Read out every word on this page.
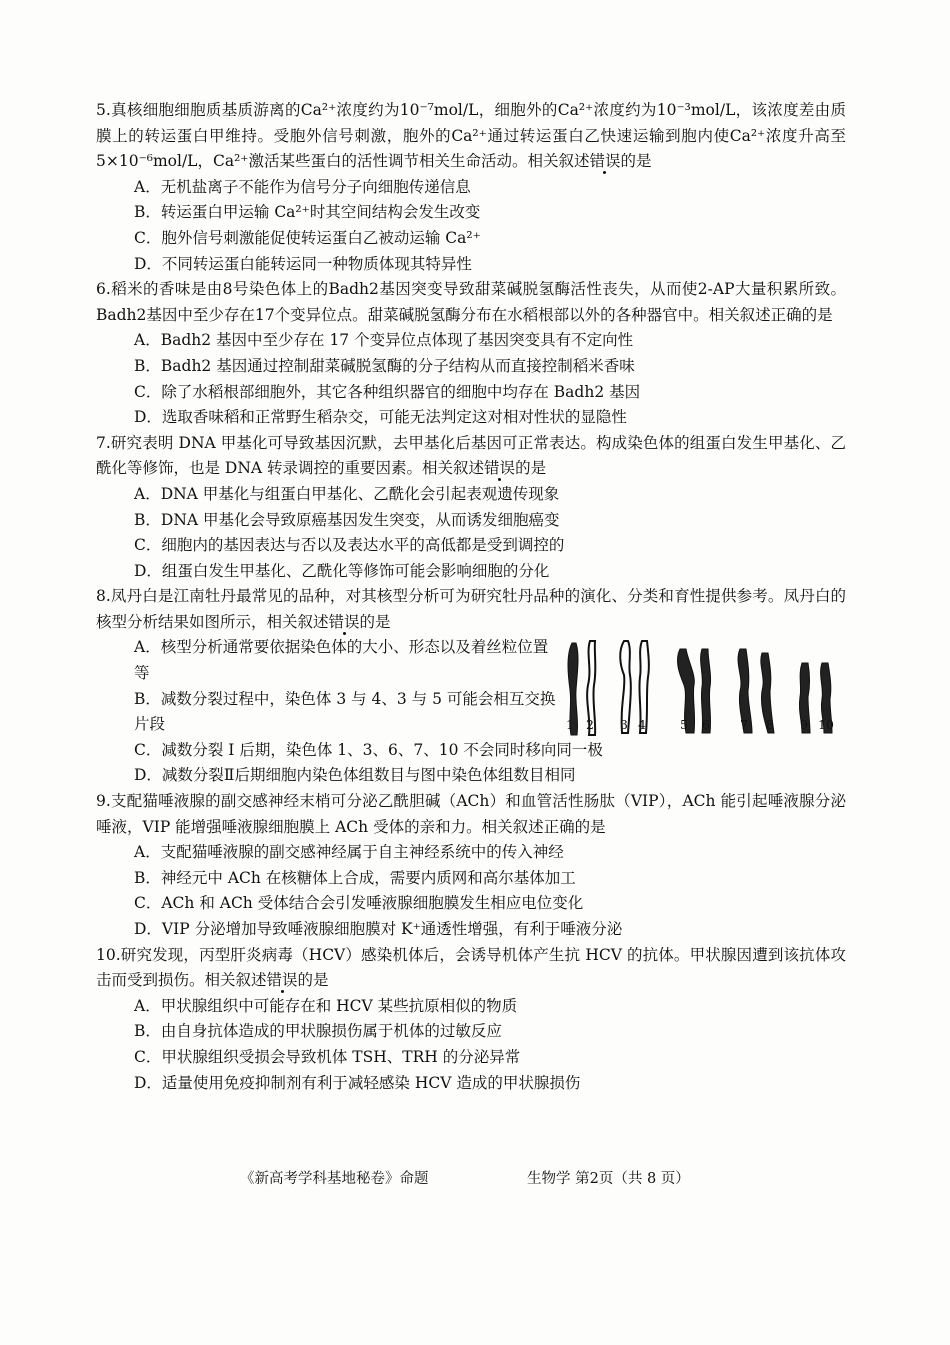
5.真核细胞细胞质基质游离的Ca²⁺浓度约为10⁻⁷mol/L，细胞外的Ca²⁺浓度约为10⁻³mol/L，该浓度差由质膜上的转运蛋白甲维持。受胞外信号刺激，胞外的Ca²⁺通过转运蛋白乙快速运输到胞内使Ca²⁺浓度升高至5×10⁻⁶mol/L，Ca²⁺激活某些蛋白的活性调节相关生命活动。相关叙述错误的是
A．无机盐离子不能作为信号分子向细胞传递信息
B．转运蛋白甲运输 Ca²⁺时其空间结构会发生改变
C．胞外信号刺激能促使转运蛋白乙被动运输 Ca²⁺
D．不同转运蛋白能转运同一种物质体现其特异性
6.稻米的香味是由8号染色体上的Badh2基因突变导致甜菜碱脱氢酶活性丧失，从而使2-AP大量积累所致。Badh2基因中至少存在17个变异位点。甜菜碱脱氢酶分布在水稻根部以外的各种器官中。相关叙述正确的是
A．Badh2 基因中至少存在 17 个变异位点体现了基因突变具有不定向性
B．Badh2 基因通过控制甜菜碱脱氢酶的分子结构从而直接控制稻米香味
C．除了水稻根部细胞外，其它各种组织器官的细胞中均存在 Badh2 基因
D．选取香味稻和正常野生稻杂交，可能无法判定这对相对性状的显隐性
7.研究表明 DNA 甲基化可导致基因沉默，去甲基化后基因可正常表达。构成染色体的组蛋白发生甲基化、乙酰化等修饰，也是 DNA 转录调控的重要因素。相关叙述错误的是
A．DNA 甲基化与组蛋白甲基化、乙酰化会引起表观遗传现象
B．DNA 甲基化会导致原癌基因发生突变，从而诱发细胞癌变
C．细胞内的基因表达与否以及表达水平的高低都是受到调控的
D．组蛋白发生甲基化、乙酰化等修饰可能会影响细胞的分化
8.凤丹白是江南牡丹最常见的品种，对其核型分析可为研究牡丹品种的演化、分类和育性提供参考。凤丹白的核型分析结果如图所示，相关叙述错误的是
A．核型分析通常要依据染色体的大小、形态以及着丝粒位置等
B．减数分裂过程中，染色体 3 与 4、3 与 5 可能会相互交换片段	1 2 3 4	5 6 7 8 9 10
C．减数分裂 I 后期，染色体 1、3、6、7、10 不会同时移向同一极
D．减数分裂Ⅱ后期细胞内染色体组数目与图中染色体组数目相同
9.支配猫唾液腺的副交感神经末梢可分泌乙酰胆碱（ACh）和血管活性肠肽（VIP），ACh 能引起唾液腺分泌唾液，VIP 能增强唾液腺细胞膜上 ACh 受体的亲和力。相关叙述正确的是
A．支配猫唾液腺的副交感神经属于自主神经系统中的传入神经
B．神经元中 ACh 在核糖体上合成，需要内质网和高尔基体加工
C．ACh 和 ACh 受体结合会引发唾液腺细胞膜发生相应电位变化
D．VIP 分泌增加导致唾液腺细胞膜对 K⁺通透性增强，有利于唾液分泌
10.研究发现，丙型肝炎病毒（HCV）感染机体后，会诱导机体产生抗 HCV 的抗体。甲状腺因遭到该抗体攻击而受到损伤。相关叙述错误的是
A．甲状腺组织中可能存在和 HCV 某些抗原相似的物质
B．由自身抗体造成的甲状腺损伤属于机体的过敏反应
C．甲状腺组织受损会导致机体 TSH、TRH 的分泌异常
D．适量使用免疫抑制剂有利于减轻感染 HCV 造成的甲状腺损伤
《新高考学科基地秘卷》命题	生物学 第2页（共 8 页）
